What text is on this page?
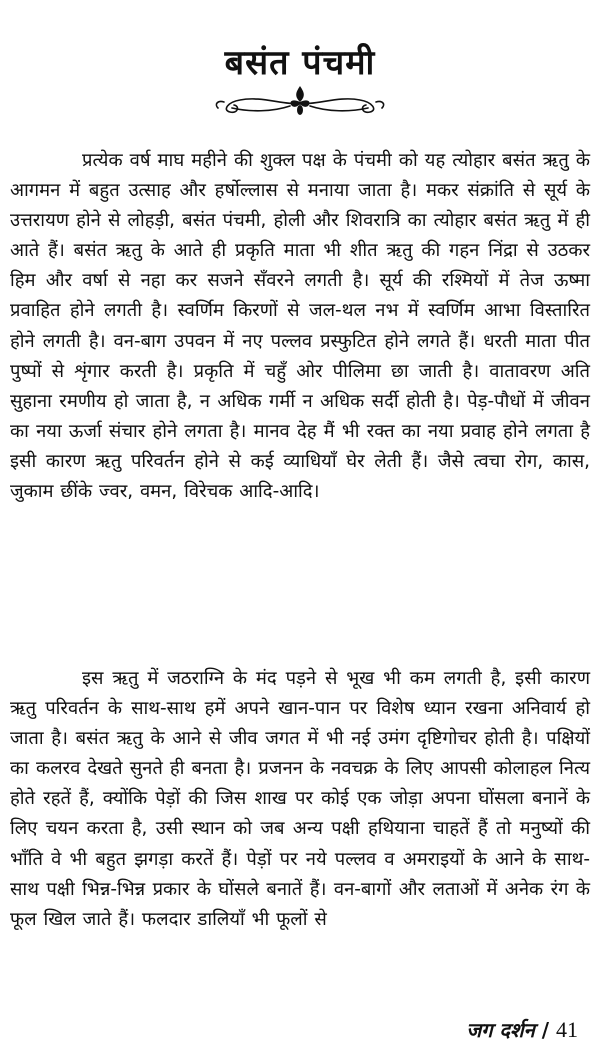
बसंत पंचमी

प्रत्येक वर्ष माघ महीने की शुक्ल पक्ष के पंचमी को यह त्योहार बसंत ऋतु के आगमन में बहुत उत्साह और हर्षोल्लास से मनाया जाता है। मकर संक्रांति से सूर्य के उत्तरायण होने से लोहड़ी, बसंत पंचमी, होली और शिवरात्रि का त्योहार बसंत ऋतु में ही आते हैं। बसंत ऋतु के आते ही प्रकृति माता भी शीत ऋतु की गहन निंद्रा से उठकर हिम और वर्षा से नहा कर सजने सँवरने लगती है। सूर्य की रश्मियों में तेज ऊष्मा प्रवाहित होने लगती है। स्वर्णिम किरणों से जल-थल नभ में स्वर्णिम आभा विस्तारित होने लगती है। वन-बाग उपवन में नए पल्लव प्रस्फुटित होने लगते हैं। धरती माता पीत पुष्पों से शृंगार करती है। प्रकृति में चहुँ ओर पीलिमा छा जाती है। वातावरण अति सुहाना रमणीय हो जाता है, न अधिक गर्मी न अधिक सर्दी होती है। पेड़-पौधों में जीवन का नया ऊर्जा संचार होने लगता है। मानव देह मैं भी रक्त का नया प्रवाह होने लगता है इसी कारण ऋतु परिवर्तन होने से कई व्याधियाँ घेर लेती हैं। जैसे त्वचा रोग, कास, जुकाम छींके ज्वर, वमन, विरेचक आदि-आदि।

इस ऋतु में जठराग्नि के मंद पड़ने से भूख भी कम लगती है, इसी कारण ऋतु परिवर्तन के साथ-साथ हमें अपने खान-पान पर विशेष ध्यान रखना अनिवार्य हो जाता है। बसंत ऋतु के आने से जीव जगत में भी नई उमंग दृष्टिगोचर होती है। पक्षियों का कलरव देखते सुनते ही बनता है। प्रजनन के नवचक्र के लिए आपसी कोलाहल नित्य होते रहतें हैं, क्योंकि पेड़ों की जिस शाख पर कोई एक जोड़ा अपना घोंसला बनानें के लिए चयन करता है, उसी स्थान को जब अन्य पक्षी हथियाना चाहतें हैं तो मनुष्यों की भाँति वे भी बहुत झगड़ा करतें हैं। पेड़ों पर नये पल्लव व अमराइयों के आने के साथ-साथ पक्षी भिन्न-भिन्न प्रकार के घोंसले बनातें हैं। वन-बागों और लताओं में अनेक रंग के फूल खिल जाते हैं। फलदार डालियाँ भी फूलों से

जग दर्शन / 41
